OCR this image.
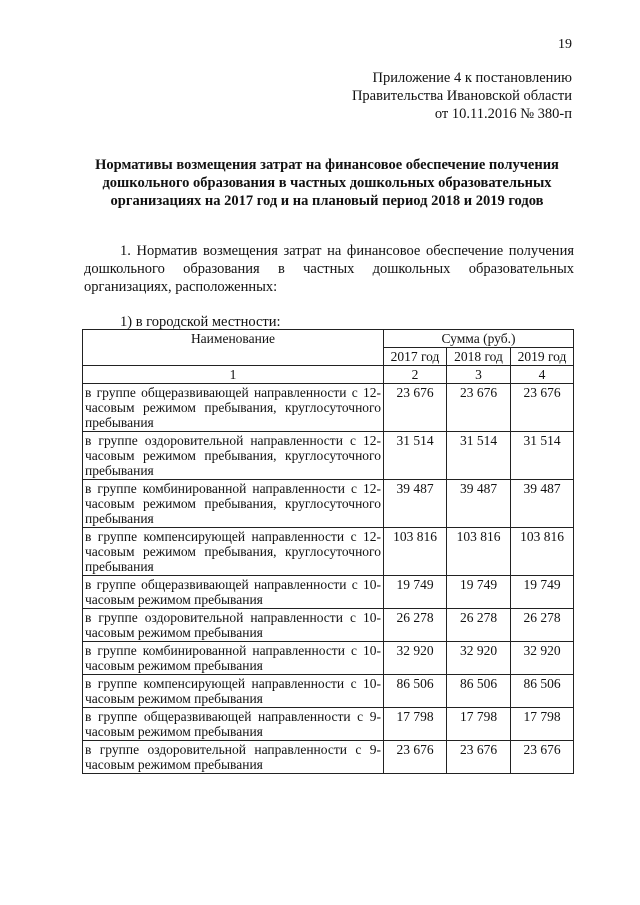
19
Приложение 4 к постановлению
Правительства Ивановской области
от 10.11.2016 № 380-п
Нормативы возмещения затрат на финансовое обеспечение получения дошкольного образования в частных дошкольных образовательных организациях на 2017 год и на плановый период 2018 и 2019 годов
1. Норматив возмещения затрат на финансовое обеспечение получения дошкольного образования в частных дошкольных образовательных организациях, расположенных:
1) в городской местности:
Наименование	Сумма (руб.)		
	2017 год	2018 год	2019 год
1	2	3	4
в группе общеразвивающей направленности с 12-часовым режимом пребывания, круглосуточного пребывания	23 676	23 676	23 676
в группе оздоровительной направленности с 12-часовым режимом пребывания, круглосуточного пребывания	31 514	31 514	31 514
в группе комбинированной направленности с 12-часовым режимом пребывания, круглосуточного пребывания	39 487	39 487	39 487
в группе компенсирующей направленности с 12-часовым режимом пребывания, круглосуточного пребывания	103 816	103 816	103 816
в группе общеразвивающей направленности с 10-часовым режимом пребывания	19 749	19 749	19 749
в группе оздоровительной направленности с 10-часовым режимом пребывания	26 278	26 278	26 278
в группе комбинированной направленности с 10-часовым режимом пребывания	32 920	32 920	32 920
в группе компенсирующей направленности с 10-часовым режимом пребывания	86 506	86 506	86 506
в группе общеразвивающей направленности с 9-часовым режимом пребывания	17 798	17 798	17 798
в группе оздоровительной направленности с 9-часовым режимом пребывания	23 676	23 676	23 676
